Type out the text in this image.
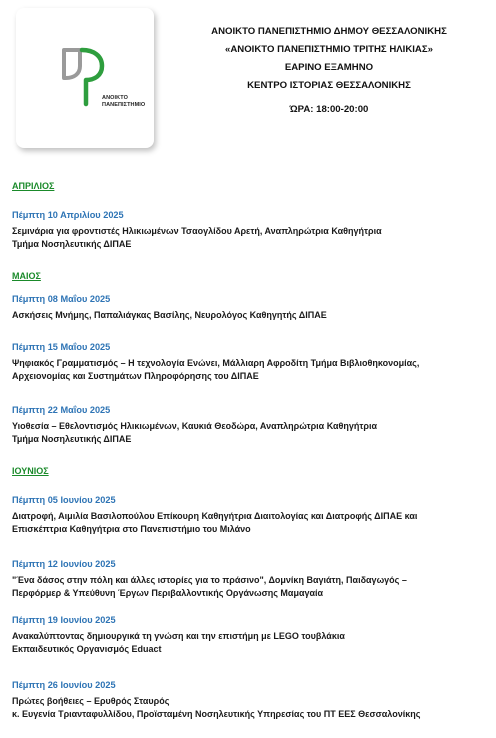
ΑΝΟΙΚΤΟ
ΠΑΝΕΠΙΣΤΗΜΙΟ
ΑΝΟΙΚΤΟ ΠΑΝΕΠΙΣΤΗΜΙΟ ΔΗΜΟΥ ΘΕΣΣΑΛΟΝΙΚΗΣ
«ΑΝΟΙΚΤΟ ΠΑΝΕΠΙΣΤΗΜΙΟ ΤΡΙΤΗΣ ΗΛΙΚΙΑΣ»
ΕΑΡΙΝΟ ΕΞΑΜΗΝΟ
ΚΕΝΤΡΟ ΙΣΤΟΡΙΑΣ ΘΕΣΣΑΛΟΝΙΚΗΣ
ΏΡΑ: 18:00-20:00
ΑΠΡΙΛΙΟΣ
Πέμπτη 10 Απριλίου 2025
Σεμινάρια για φροντιστές Ηλικιωμένων Τσαογλίδου Αρετή, Αναπληρώτρια Καθηγήτρια
Τμήμα Νοσηλευτικής ΔΙΠΑΕ
ΜΑΙΟΣ
Πέμπτη 08 Μαΐου 2025
Ασκήσεις Μνήμης, Παπαλιάγκας Βασίλης, Νευρολόγος Καθηγητής ΔΙΠΑΕ
Πέμπτη 15 Μαΐου 2025
Ψηφιακός Γραμματισμός – Η τεχνολογία Ενώνει, Μάλλιαρη Αφροδίτη Τμήμα Βιβλιοθηκονομίας,
Αρχειονομίας και Συστημάτων Πληροφόρησης του ΔΙΠΑΕ
Πέμπτη 22 Μαΐου 2025
Υιοθεσία – Εθελοντισμός Ηλικιωμένων, Καυκιά Θεοδώρα, Αναπληρώτρια Καθηγήτρια
Τμήμα Νοσηλευτικής ΔΙΠΑΕ
ΙΟΥΝΙΟΣ
Πέμπτη 05 Ιουνίου 2025
Διατροφή, Αιμιλία Βασιλοπούλου Επίκουρη Καθηγήτρια Διαιτολογίας και Διατροφής ΔΙΠΑΕ και
Επισκέπτρια Καθηγήτρια στο Πανεπιστήμιο του Μιλάνο
Πέμπτη 12 Ιουνίου 2025
"Ένα δάσος στην πόλη και άλλες ιστορίες για το πράσινο", Δομνίκη Βαγιάτη, Παιδαγωγός –
Περφόρμερ & Υπεύθυνη Έργων Περιβαλλοντικής Οργάνωσης Μαμαγαία
Πέμπτη 19 Ιουνίου 2025
Ανακαλύπτοντας δημιουργικά τη γνώση και την επιστήμη με LEGO τουβλάκια
Εκπαιδευτικός Οργανισμός Eduact
Πέμπτη 26 Ιουνίου 2025
Πρώτες βοήθειες – Ερυθρός Σταυρός
κ. Ευγενία Τριανταφυλλίδου, Προϊσταμένη Νοσηλευτικής Υπηρεσίας του ΠΤ ΕΕΣ Θεσσαλονίκης
